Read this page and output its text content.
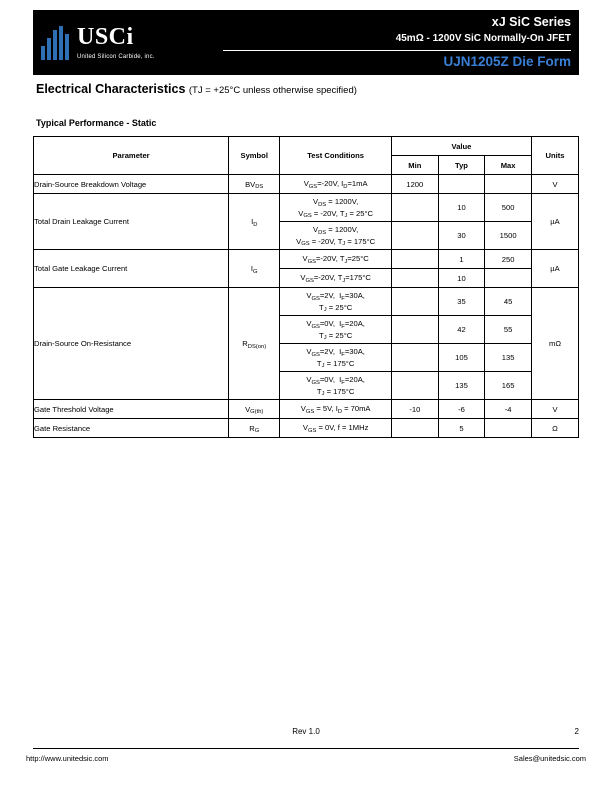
USCi
United Silicon Carbide, inc.
xJ SiC Series
45mΩ - 1200V SiC Normally-On JFET
UJN1205Z Die Form
Electrical Characteristics (TJ = +25°C unless otherwise specified)
Typical Performance - Static
Parameter	Symbol	Test Conditions	Value			Units
			Min	Typ	Max	
Drain-Source Breakdown Voltage	$BV_{DS}$	$V_{GS}=-20V$, $I_D=1mA$	1200			V
Total Drain Leakage Current	$I_D$	$V_{DS} = 1200V$,
$V_{GS} = -20V$, $T_J = 25^\circ C$		10	500	µA
		$V_{DS} = 1200V$,
$V_{GS} = -20V$, $T_J = 175^\circ C$		30	1500	
Total Gate Leakage Current	$I_G$	$V_{GS}=-20V$, $T_J=25^\circ C$		1	250	µA
		$V_{GS}=-20V$, $T_J=175^\circ C$		10		
Drain-Source On-Resistance	$R_{DS(on)}$	$V_{GS}=2V$,  $I_F=30A$,
$T_J = 25^\circ C$		35	45	mΩ
		$V_{GS}=0V$,  $I_F=20A$,
$T_J = 25^\circ C$		42	55	
		$V_{GS}=2V$,  $I_F=30A$,
$T_J = 175^\circ C$		105	135	
		$V_{GS}=0V$,  $I_F=20A$,
$T_J = 175^\circ C$		135	165	
Gate Threshold Voltage	$V_{G(th)}$	$V_{GS} = 5V$, $I_D = 70mA$	-10	-6	-4	V
Gate Resistance	$R_G$	$V_{GS} = 0V$, f = 1MHz		5		Ω
Rev 1.0	2
http://www.unitedsic.com	Sales@unitedsic.com
